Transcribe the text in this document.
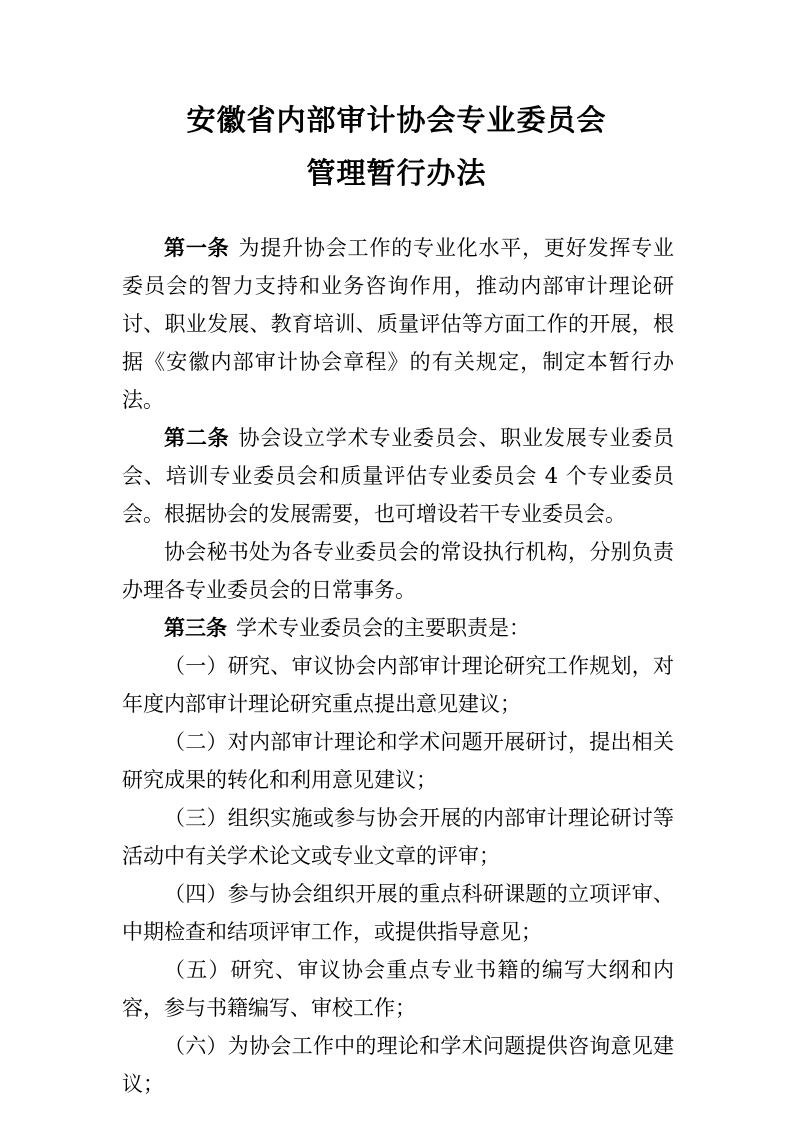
安徽省内部审计协会专业委员会
管理暂行办法

第一条 为提升协会工作的专业化水平，更好发挥专业委员会的智力支持和业务咨询作用，推动内部审计理论研讨、职业发展、教育培训、质量评估等方面工作的开展，根据《安徽内部审计协会章程》的有关规定，制定本暂行办法。

第二条 协会设立学术专业委员会、职业发展专业委员会、培训专业委员会和质量评估专业委员会 4 个专业委员会。根据协会的发展需要，也可增设若干专业委员会。

协会秘书处为各专业委员会的常设执行机构，分别负责办理各专业委员会的日常事务。

第三条 学术专业委员会的主要职责是：

（一）研究、审议协会内部审计理论研究工作规划，对年度内部审计理论研究重点提出意见建议；

（二）对内部审计理论和学术问题开展研讨，提出相关研究成果的转化和利用意见建议；

（三）组织实施或参与协会开展的内部审计理论研讨等活动中有关学术论文或专业文章的评审；

（四）参与协会组织开展的重点科研课题的立项评审、中期检查和结项评审工作，或提供指导意见；

（五）研究、审议协会重点专业书籍的编写大纲和内容，参与书籍编写、审校工作；

（六）为协会工作中的理论和学术问题提供咨询意见建议；
